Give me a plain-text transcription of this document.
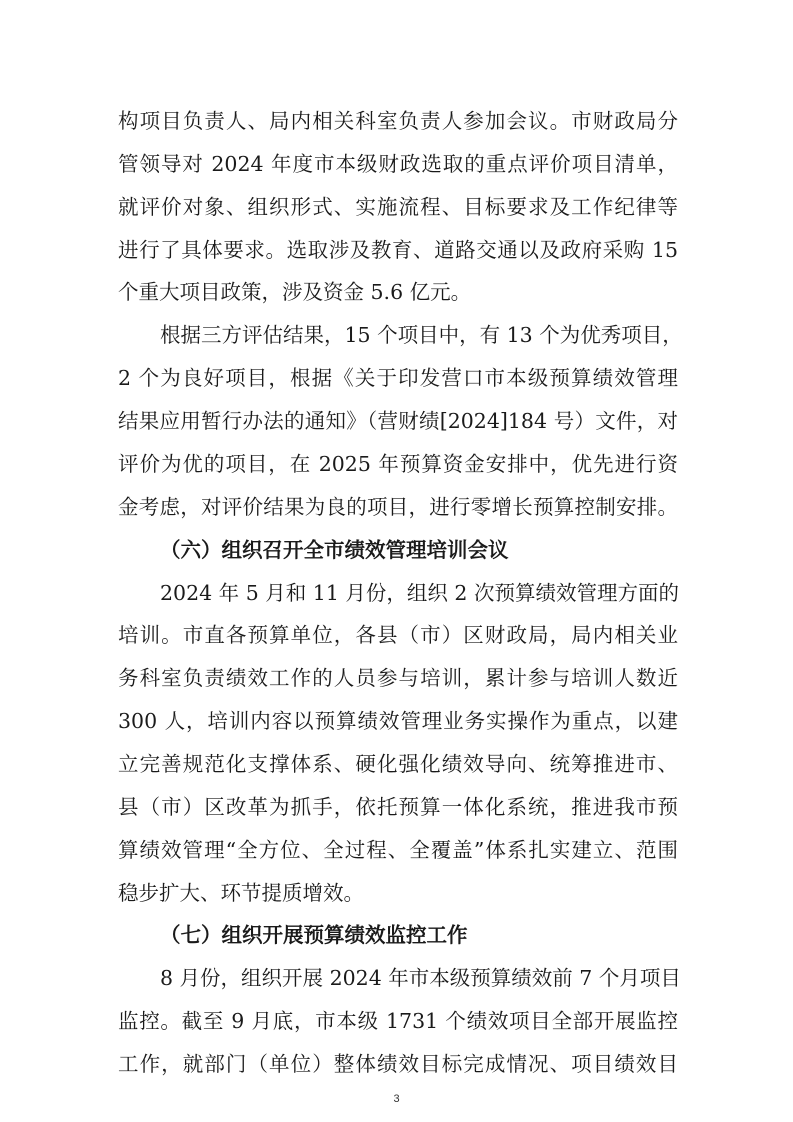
构项目负责人、局内相关科室负责人参加会议。市财政局分
管领导对 2024 年度市本级财政选取的重点评价项目清单，
就评价对象、组织形式、实施流程、目标要求及工作纪律等
进行了具体要求。选取涉及教育、道路交通以及政府采购 15
个重大项目政策，涉及资金 5.6 亿元。
根据三方评估结果，15 个项目中，有 13 个为优秀项目，
2 个为良好项目，根据《关于印发营口市本级预算绩效管理
结果应用暂行办法的通知》（营财绩[2024]184 号）文件，对
评价为优的项目，在 2025 年预算资金安排中，优先进行资
金考虑，对评价结果为良的项目，进行零增长预算控制安排。
（六）组织召开全市绩效管理培训会议
2024 年 5 月和 11 月份，组织 2 次预算绩效管理方面的
培训。市直各预算单位，各县（市）区财政局，局内相关业
务科室负责绩效工作的人员参与培训，累计参与培训人数近
300 人，培训内容以预算绩效管理业务实操作为重点，以建
立完善规范化支撑体系、硬化强化绩效导向、统筹推进市、
县（市）区改革为抓手，依托预算一体化系统，推进我市预
算绩效管理“全方位、全过程、全覆盖”体系扎实建立、范围
稳步扩大、环节提质增效。
（七）组织开展预算绩效监控工作
8 月份，组织开展 2024 年市本级预算绩效前 7 个月项目
监控。截至 9 月底，市本级 1731 个绩效项目全部开展监控
工作，就部门（单位）整体绩效目标完成情况、项目绩效目
3
